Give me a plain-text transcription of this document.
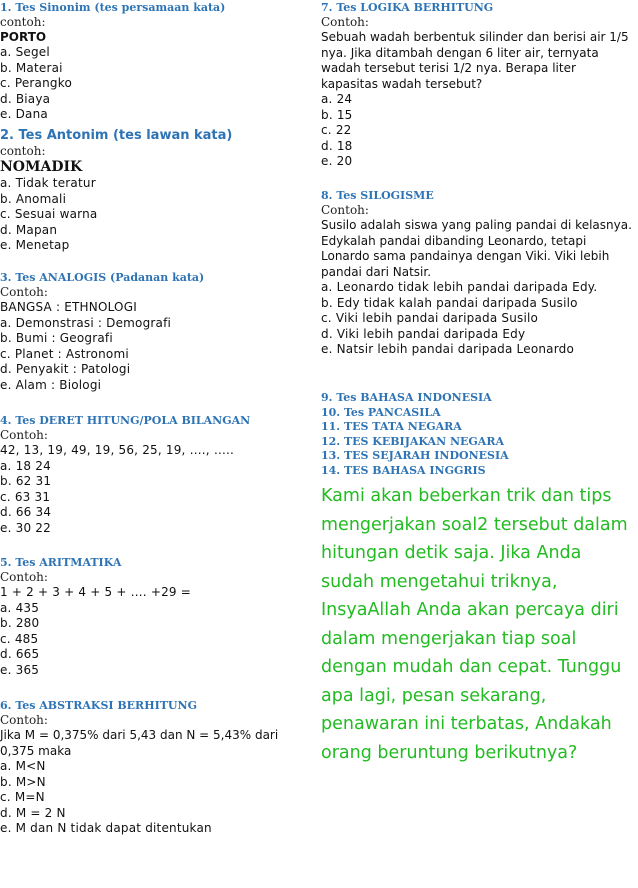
1. Tes Sinonim (tes persamaan kata)
contoh:
PORTO
a. Segel
b. Materai
c. Perangko
d. Biaya
e. Dana
2. Tes Antonim (tes lawan kata)
contoh:
NOMADIK
a. Tidak teratur
b. Anomali
c. Sesuai warna
d. Mapan
e. Menetap
3. Tes ANALOGIS (Padanan kata)
Contoh:
BANGSA : ETHNOLOGI
a. Demonstrasi : Demografi
b. Bumi : Geografi
c. Planet : Astronomi
d. Penyakit : Patologi
e. Alam : Biologi
4. Tes DERET HITUNG/POLA BILANGAN
Contoh:
42, 13, 19, 49, 19, 56, 25, 19, …., …..
a. 18 24
b. 62 31
c. 63 31
d. 66 34
e. 30 22
5. Tes ARITMATIKA
Contoh:
1 + 2 + 3 + 4 + 5 + …. +29 =
a. 435
b. 280
c. 485
d. 665
e. 365
6. Tes ABSTRAKSI BERHITUNG
Contoh:
Jika M = 0,375% dari 5,43 dan N = 5,43% dari 0,375 maka
a. M<N
b. M>N
c. M=N
d. M = 2 N
e. M dan N tidak dapat ditentukan
7. Tes LOGIKA BERHITUNG
Contoh:
Sebuah wadah berbentuk silinder dan berisi air 1/5 nya. Jika ditambah dengan 6 liter air, ternyata wadah tersebut terisi 1/2 nya. Berapa liter kapasitas wadah tersebut?
a. 24
b. 15
c. 22
d. 18
e. 20
8. Tes SILOGISME
Contoh:
Susilo adalah siswa yang paling pandai di kelasnya. Edykalah pandai dibanding Leonardo, tetapi Lonardo sama pandainya dengan Viki. Viki lebih pandai dari Natsir.
a. Leonardo tidak lebih pandai daripada Edy.
b. Edy tidak kalah pandai daripada Susilo
c. Viki lebih pandai daripada Susilo
d. Viki lebih pandai daripada Edy
e. Natsir lebih pandai daripada Leonardo
9. Tes BAHASA INDONESIA
10. Tes PANCASILA
11. TES TATA NEGARA
12. TES KEBIJAKAN NEGARA
13. TES SEJARAH INDONESIA
14. TES BAHASA INGGRIS
Kami akan beberkan trik dan tips mengerjakan soal2 tersebut dalam hitungan detik saja. Jika Anda sudah mengetahui triknya, InsyaAllah Anda akan percaya diri dalam mengerjakan tiap soal dengan mudah dan cepat. Tunggu apa lagi, pesan sekarang, penawaran ini terbatas, Andakah orang beruntung berikutnya?
